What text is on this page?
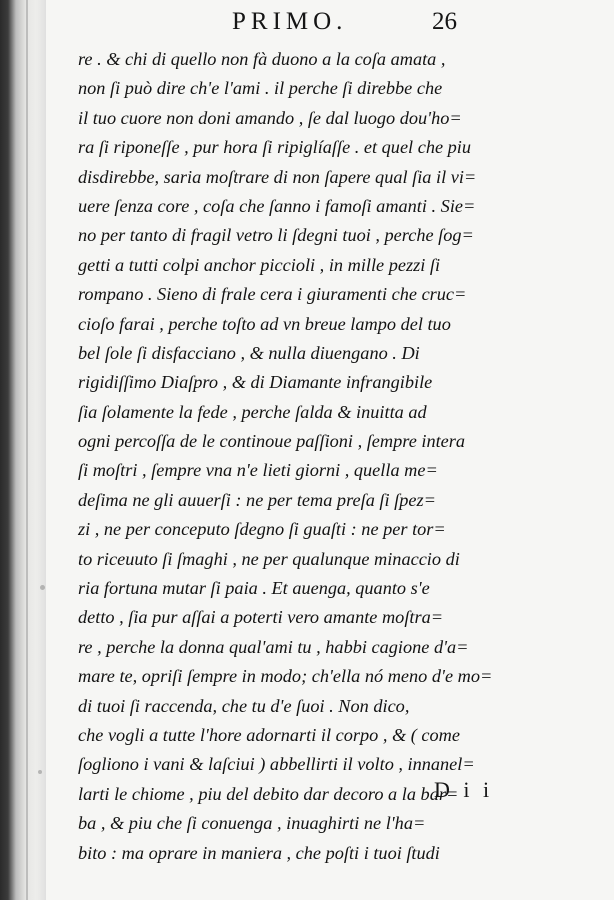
PRIMO.	26
re . & chi di quello non fà duono a la coſa amata ,
non ſi può dire ch'e l'ami . il perche ſi direbbe che
il tuo cuore non doni amando , ſe dal luogo dou'ho=
ra ſi riponeſſe , pur hora ſi ripiglíaſſe . et quel che piu
disdirebbe, saria moſtrare di non ſapere qual ſia il vi=
uere ſenza core , coſa che ſanno i famoſi amanti . Sie=
no per tanto di fragil vetro li ſdegni tuoi , perche ſog=
getti a tutti colpi anchor piccioli , in mille pezzi ſi
rompano . Sieno di frale cera i giuramenti che cruc=
cioſo farai , perche toſto ad vn breue lampo del tuo
bel ſole ſi disfacciano , & nulla diuengano . Di
rigidiſſimo Diaſpro , & di Diamante infrangibile
ſia ſolamente la fede , perche ſalda & inuitta ad
ogni percoſſa de le continoue paſſioni , ſempre intera
ſi moſtri , ſempre vna n'e lieti giorni , quella me=
deſima ne gli auuerſi : ne per tema preſa ſi ſpez=
zi , ne per conceputo ſdegno ſi guaſti : ne per tor=
to riceuuto ſi ſmaghi , ne per qualunque minaccio di
ria fortuna mutar ſi paia . Et auenga, quanto s'e
detto , ſia pur aſſai a poterti vero amante moſtra=
re , perche la donna qual'ami tu , habbi cagione d'a=
mare te, opriſi ſempre in modo; ch'ella nó meno d'e mo=
di tuoi ſi raccenda, che tu d'e ſuoi . Non dico,
che vogli a tutte l'hore adornarti il corpo , & ( come
ſogliono i vani & laſciui ) abbellirti il volto , innanel=
larti le chiome , piu del debito dar decoro a la bar=
ba , & piu che ſi conuenga , inuaghirti ne l'ha=
bito : ma oprare in maniera , che poſti i tuoi ſtudi
D i i
